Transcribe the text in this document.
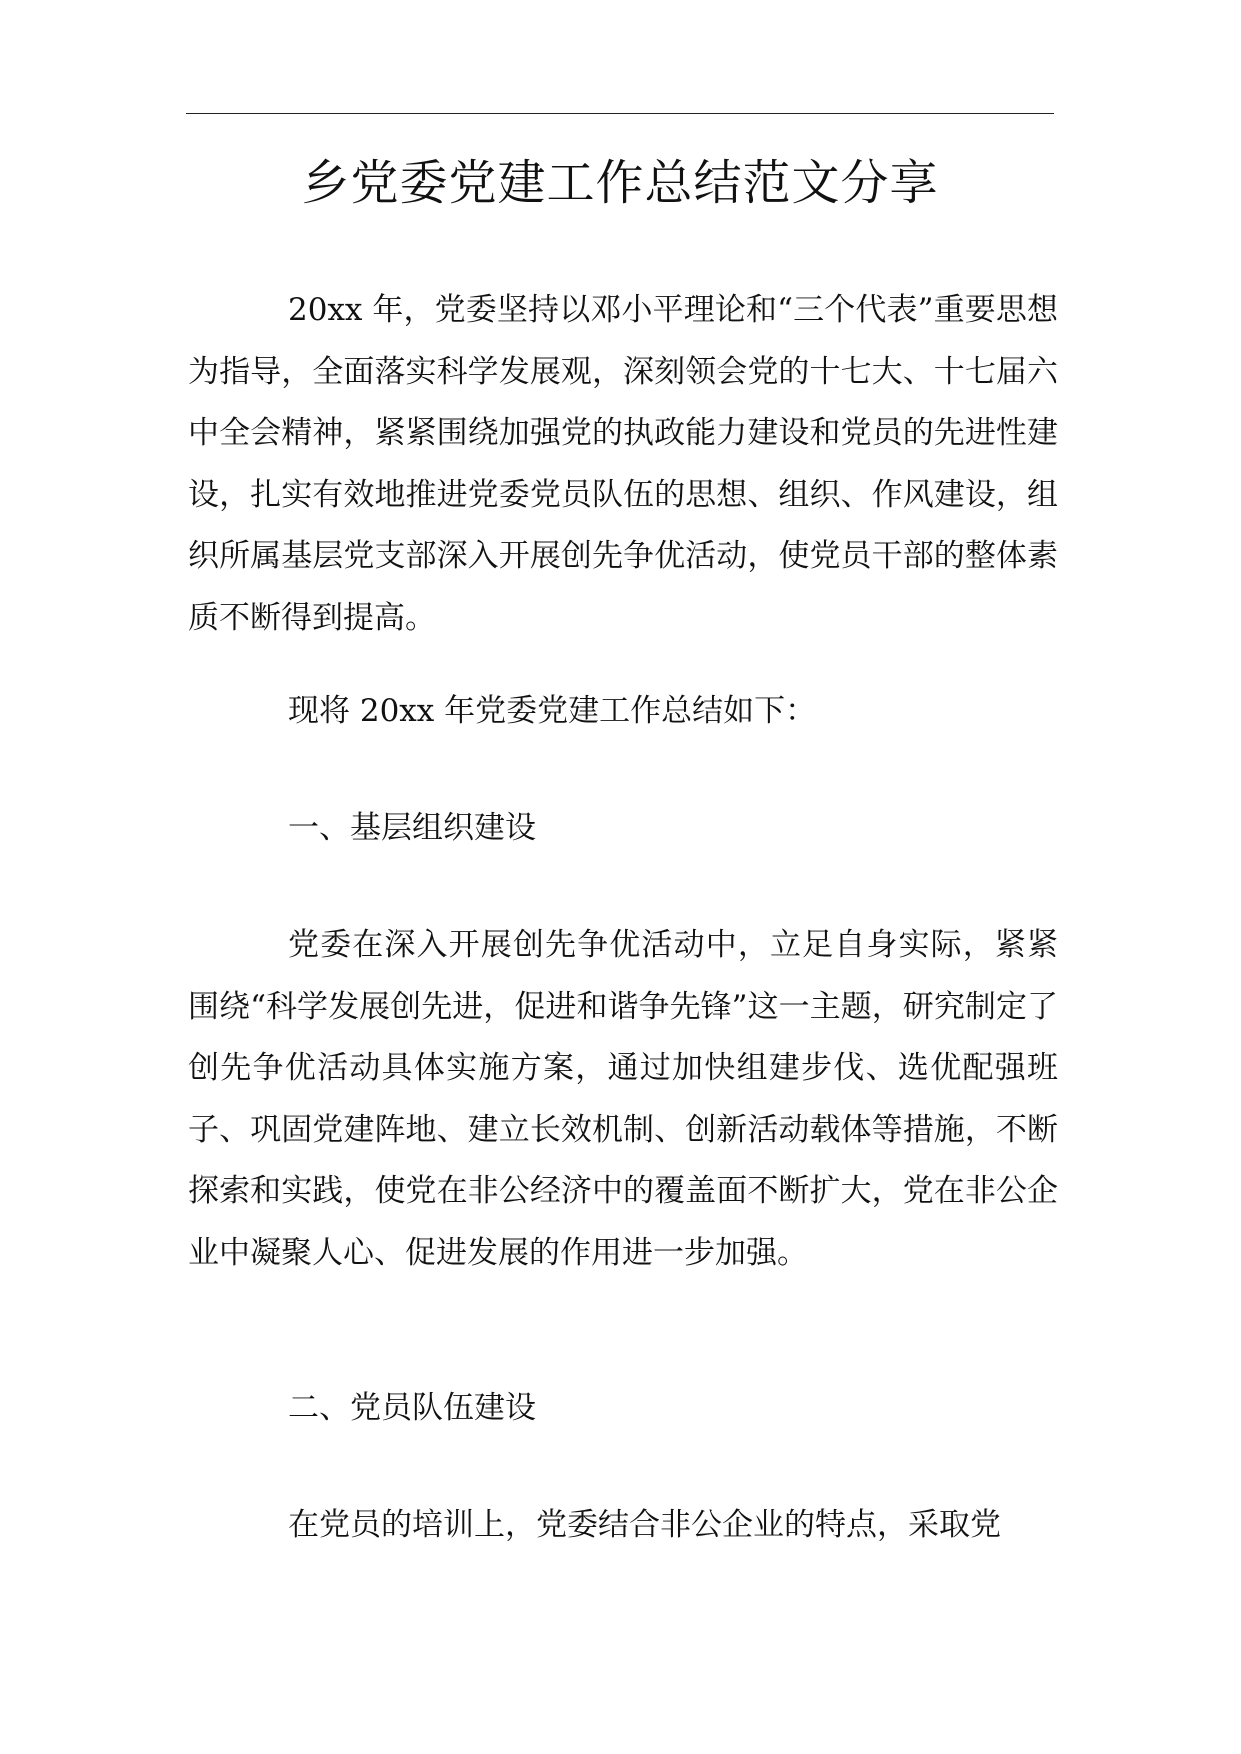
乡党委党建工作总结范文分享

20xx 年，党委坚持以邓小平理论和“三个代表”重要思想为指导，全面落实科学发展观，深刻领会党的十七大、十七届六中全会精神，紧紧围绕加强党的执政能力建设和党员的先进性建设，扎实有效地推进党委党员队伍的思想、组织、作风建设，组织所属基层党支部深入开展创先争优活动，使党员干部的整体素质不断得到提高。

现将 20xx 年党委党建工作总结如下：

一、基层组织建设

党委在深入开展创先争优活动中，立足自身实际，紧紧围绕“科学发展创先进，促进和谐争先锋”这一主题，研究制定了创先争优活动具体实施方案，通过加快组建步伐、选优配强班子、巩固党建阵地、建立长效机制、创新活动载体等措施，不断探索和实践，使党在非公经济中的覆盖面不断扩大，党在非公企业中凝聚人心、促进发展的作用进一步加强。

二、党员队伍建设

在党员的培训上，党委结合非公企业的特点，采取党
